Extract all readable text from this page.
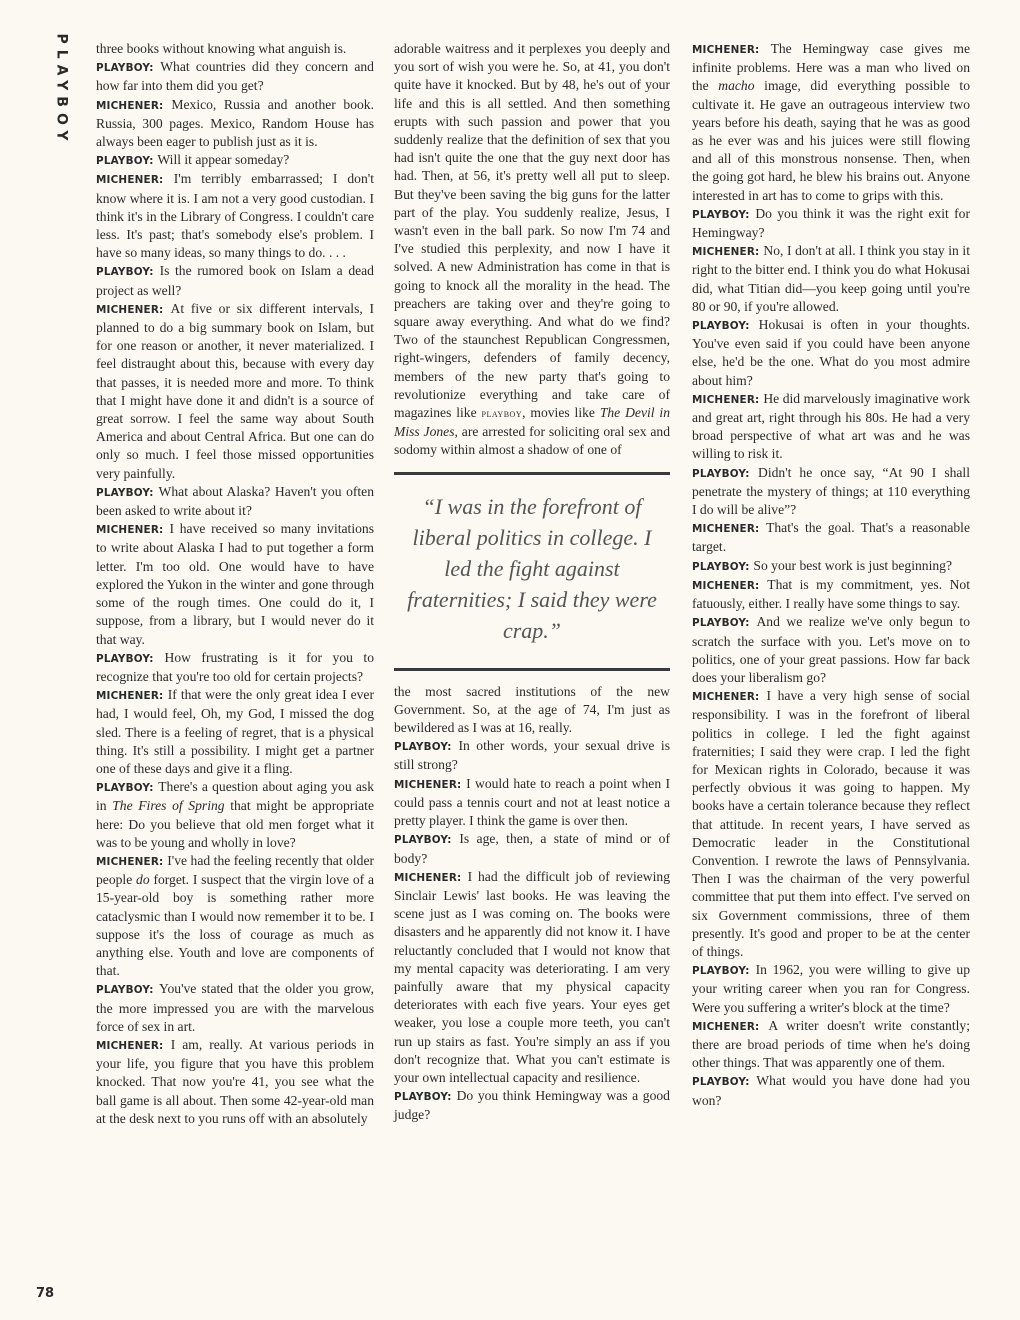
PLAYBOY
78

three books without knowing what anguish is.

PLAYBOY: What countries did they concern and how far into them did you get?

MICHENER: Mexico, Russia and another book. Russia, 300 pages. Mexico, Random House has always been eager to publish just as it is.

PLAYBOY: Will it appear someday?

MICHENER: I'm terribly embarrassed; I don't know where it is. I am not a very good custodian. I think it's in the Library of Congress. I couldn't care less. It's past; that's somebody else's problem. I have so many ideas, so many things to do. . . .

PLAYBOY: Is the rumored book on Islam a dead project as well?

MICHENER: At five or six different intervals, I planned to do a big summary book on Islam, but for one reason or another, it never materialized. I feel distraught about this, because with every day that passes, it is needed more and more. To think that I might have done it and didn't is a source of great sorrow. I feel the same way about South America and about Central Africa. But one can do only so much. I feel those missed opportunities very painfully.

PLAYBOY: What about Alaska? Haven't you often been asked to write about it?

MICHENER: I have received so many invitations to write about Alaska I had to put together a form letter. I'm too old. One would have to have explored the Yukon in the winter and gone through some of the rough times. One could do it, I suppose, from a library, but I would never do it that way.

PLAYBOY: How frustrating is it for you to recognize that you're too old for certain projects?

MICHENER: If that were the only great idea I ever had, I would feel, Oh, my God, I missed the dog sled. There is a feeling of regret, that is a physical thing. It's still a possibility. I might get a partner one of these days and give it a fling.

PLAYBOY: There's a question about aging you ask in The Fires of Spring that might be appropriate here: Do you believe that old men forget what it was to be young and wholly in love?

MICHENER: I've had the feeling recently that older people do forget. I suspect that the virgin love of a 15-year-old boy is something rather more cataclysmic than I would now remember it to be. I suppose it's the loss of courage as much as anything else. Youth and love are components of that.

PLAYBOY: You've stated that the older you grow, the more impressed you are with the marvelous force of sex in art.

MICHENER: I am, really. At various periods in your life, you figure that you have this problem knocked. That now you're 41, you see what the ball game is all about. Then some 42-year-old man at the desk next to you runs off with an absolutely

adorable waitress and it perplexes you deeply and you sort of wish you were he. So, at 41, you don't quite have it knocked. But by 48, he's out of your life and this is all settled. And then something erupts with such passion and power that you suddenly realize that the definition of sex that you had isn't quite the one that the guy next door has had. Then, at 56, it's pretty well all put to sleep. But they've been saving the big guns for the latter part of the play. You suddenly realize, Jesus, I wasn't even in the ball park. So now I'm 74 and I've studied this perplexity, and now I have it solved. A new Administration has come in that is going to knock all the morality in the head. The preachers are taking over and they're going to square away everything. And what do we find? Two of the staunchest Republican Congressmen, right-wingers, defenders of family decency, members of the new party that's going to revolutionize everything and take care of magazines like playboy, movies like The Devil in Miss Jones, are arrested for soliciting oral sex and sodomy within almost a shadow of one of

“I was in the forefront of liberal politics in college. I led the fight against fraternities; I said they were crap.”

the most sacred institutions of the new Government. So, at the age of 74, I'm just as bewildered as I was at 16, really.

PLAYBOY: In other words, your sexual drive is still strong?

MICHENER: I would hate to reach a point when I could pass a tennis court and not at least notice a pretty player. I think the game is over then.

PLAYBOY: Is age, then, a state of mind or of body?

MICHENER: I had the difficult job of reviewing Sinclair Lewis' last books. He was leaving the scene just as I was coming on. The books were disasters and he apparently did not know it. I have reluctantly concluded that I would not know that my mental capacity was deteriorating. I am very painfully aware that my physical capacity deteriorates with each five years. Your eyes get weaker, you lose a couple more teeth, you can't run up stairs as fast. You're simply an ass if you don't recognize that. What you can't estimate is your own intellectual capacity and resilience.

PLAYBOY: Do you think Hemingway was a good judge?

MICHENER: The Hemingway case gives me infinite problems. Here was a man who lived on the macho image, did everything possible to cultivate it. He gave an outrageous interview two years before his death, saying that he was as good as he ever was and his juices were still flowing and all of this monstrous nonsense. Then, when the going got hard, he blew his brains out. Anyone interested in art has to come to grips with this.

PLAYBOY: Do you think it was the right exit for Hemingway?

MICHENER: No, I don't at all. I think you stay in it right to the bitter end. I think you do what Hokusai did, what Titian did—you keep going until you're 80 or 90, if you're allowed.

PLAYBOY: Hokusai is often in your thoughts. You've even said if you could have been anyone else, he'd be the one. What do you most admire about him?

MICHENER: He did marvelously imaginative work and great art, right through his 80s. He had a very broad perspective of what art was and he was willing to risk it.

PLAYBOY: Didn't he once say, “At 90 I shall penetrate the mystery of things; at 110 everything I do will be alive”?

MICHENER: That's the goal. That's a reasonable target.

PLAYBOY: So your best work is just beginning?

MICHENER: That is my commitment, yes. Not fatuously, either. I really have some things to say.

PLAYBOY: And we realize we've only begun to scratch the surface with you. Let's move on to politics, one of your great passions. How far back does your liberalism go?

MICHENER: I have a very high sense of social responsibility. I was in the forefront of liberal politics in college. I led the fight against fraternities; I said they were crap. I led the fight for Mexican rights in Colorado, because it was perfectly obvious it was going to happen. My books have a certain tolerance because they reflect that attitude. In recent years, I have served as Democratic leader in the Constitutional Convention. I rewrote the laws of Pennsylvania. Then I was the chairman of the very powerful committee that put them into effect. I've served on six Government commissions, three of them presently. It's good and proper to be at the center of things.

PLAYBOY: In 1962, you were willing to give up your writing career when you ran for Congress. Were you suffering a writer's block at the time?

MICHENER: A writer doesn't write constantly; there are broad periods of time when he's doing other things. That was apparently one of them.

PLAYBOY: What would you have done had you won?
